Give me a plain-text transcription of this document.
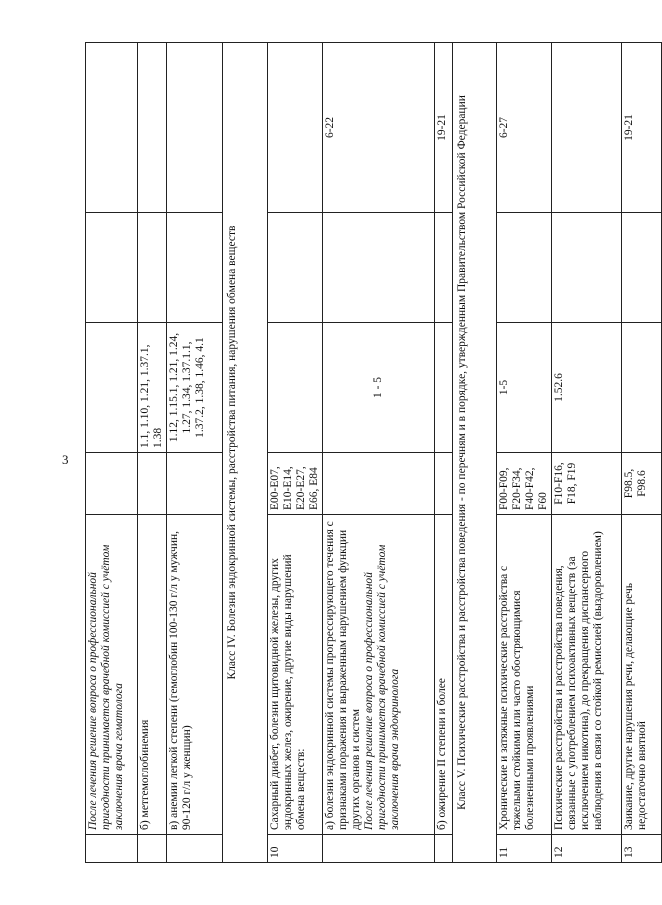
3
	После лечения решение вопроса о профессиональной пригодности принимается врачебной комиссией с учётом заключения врача гематолога				
	б) метгемоглобинемия		1.1, 1.10, 1.21, 1.37.1, 1.38		
	в) анемии легкой степени (гемоглобин 100-130 г/л у мужчин, 90-120 г/л у женщин)		1.12, 1.15.1, 1.21, 1.24, 1.27, 1.34, 1.37.1.1, 1.37.2, 1.38, 1.46, 4.1		
Класс IV. Болезни эндокринной системы, расстройства питания, нарушения обмена веществ					
10	Сахарный диабет, болезни щитовидной железы, других эндокринных желез, ожирение, другие виды нарушений обмена веществ:	E00-E07, E10-E14, E20-E27, E66, E84			

	а) болезни эндокринной системы прогрессирующего течения с признаками поражения и выраженным нарушением функции других органов и систем После лечения решение вопроса о профессиональной пригодности принимается врачебной комиссией с учётом заключения врача эндокринолога		1 - 5		6-22
	б) ожирение II степени и более				19-21
Класс V. Психические расстройства и расстройства поведения - по перечням и в порядке, утвержденным Правительством Российской Федерации					
11	Хронические и затяжные психические расстройства с тяжелыми стойкими или часто обостряющимися болезненными проявлениями	F00-F09, F20-F34, F40-F42, F60	1-5		6-27
12	Психические расстройства и расстройства поведения, связанные с употреблением психоактивных веществ (за исключением никотина), до прекращения диспансерного наблюдения в связи со стойкой ремиссией (выздоровлением)	F10-F16, F18, F19	1.52.6		
13	Заикание, другие нарушения речи, делающие речь недостаточно внятной	F98.5, F98.6			19-21
